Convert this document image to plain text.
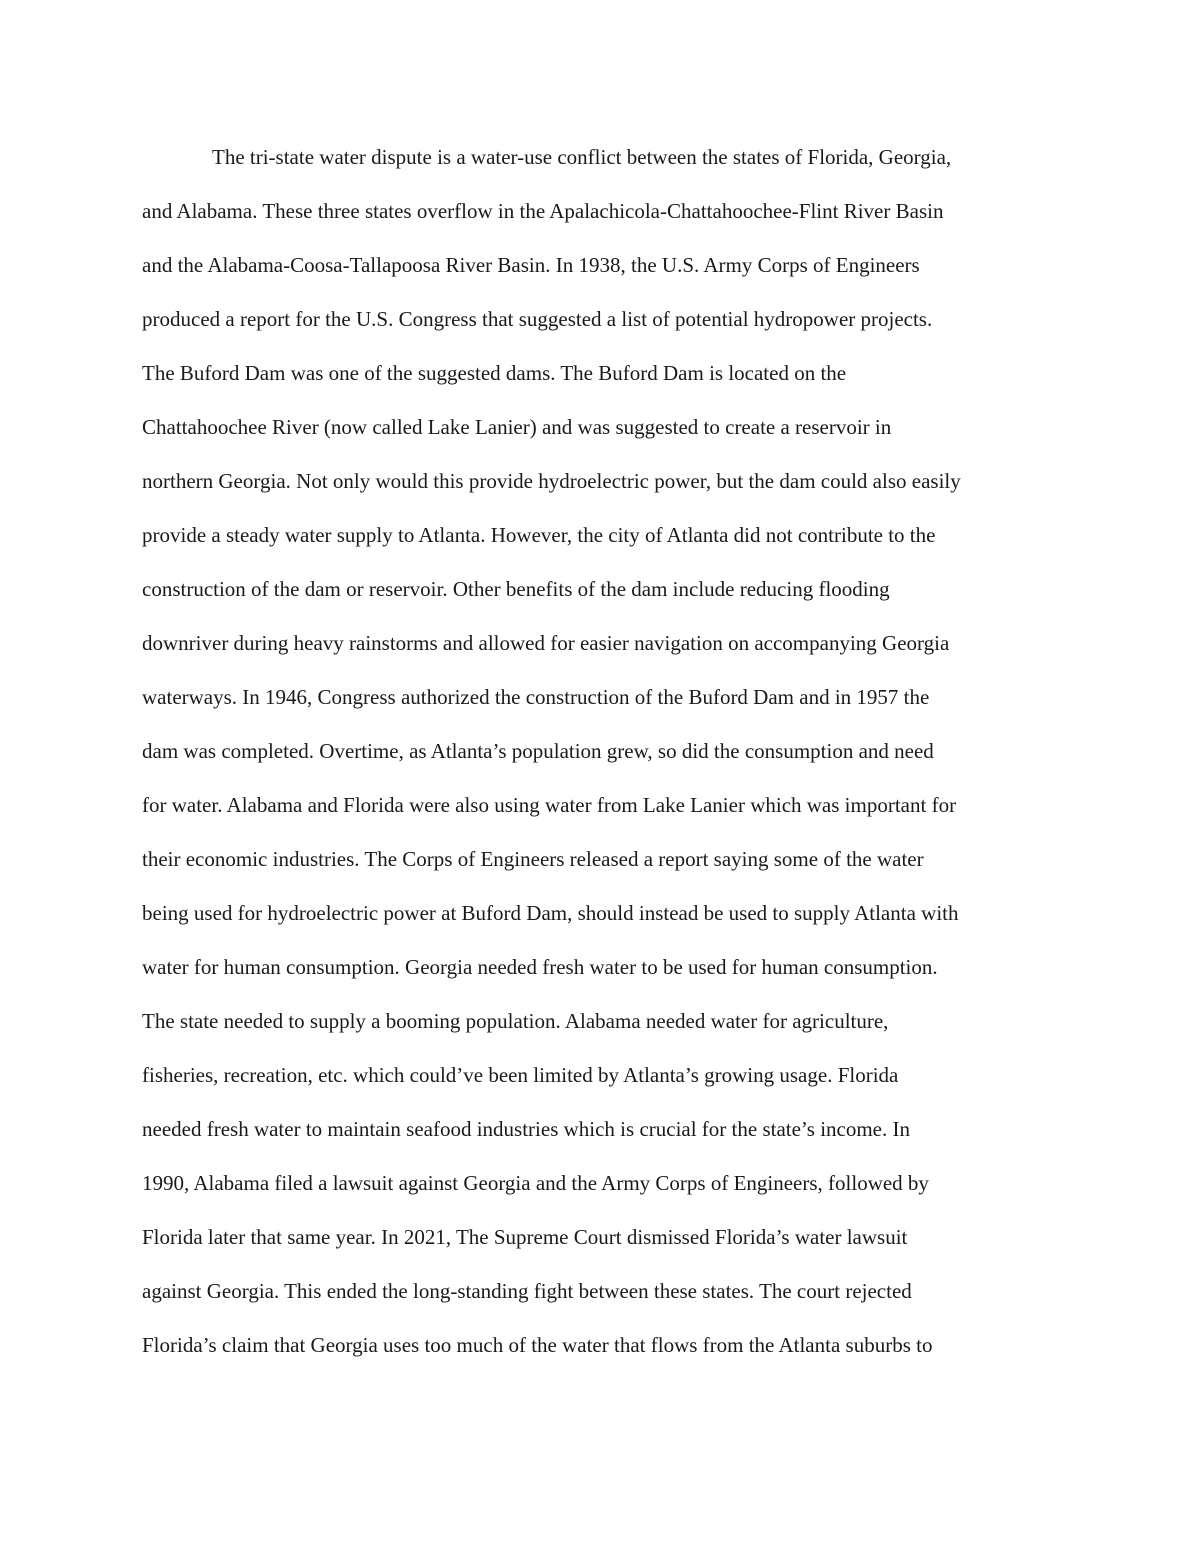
The tri-state water dispute is a water-use conflict between the states of Florida, Georgia,
and Alabama. These three states overflow in the Apalachicola-Chattahoochee-Flint River Basin
and the Alabama-Coosa-Tallapoosa River Basin. In 1938, the U.S. Army Corps of Engineers
produced a report for the U.S. Congress that suggested a list of potential hydropower projects.
The Buford Dam was one of the suggested dams. The Buford Dam is located on the
Chattahoochee River (now called Lake Lanier) and was suggested to create a reservoir in
northern Georgia. Not only would this provide hydroelectric power, but the dam could also easily
provide a steady water supply to Atlanta. However, the city of Atlanta did not contribute to the
construction of the dam or reservoir. Other benefits of the dam include reducing flooding
downriver during heavy rainstorms and allowed for easier navigation on accompanying Georgia
waterways. In 1946, Congress authorized the construction of the Buford Dam and in 1957 the
dam was completed. Overtime, as Atlanta’s population grew, so did the consumption and need
for water. Alabama and Florida were also using water from Lake Lanier which was important for
their economic industries. The Corps of Engineers released a report saying some of the water
being used for hydroelectric power at Buford Dam, should instead be used to supply Atlanta with
water for human consumption. Georgia needed fresh water to be used for human consumption.
The state needed to supply a booming population. Alabama needed water for agriculture,
fisheries, recreation, etc. which could’ve been limited by Atlanta’s growing usage. Florida
needed fresh water to maintain seafood industries which is crucial for the state’s income. In
1990, Alabama filed a lawsuit against Georgia and the Army Corps of Engineers, followed by
Florida later that same year. In 2021, The Supreme Court dismissed Florida’s water lawsuit
against Georgia. This ended the long-standing fight between these states. The court rejected
Florida’s claim that Georgia uses too much of the water that flows from the Atlanta suburbs to
